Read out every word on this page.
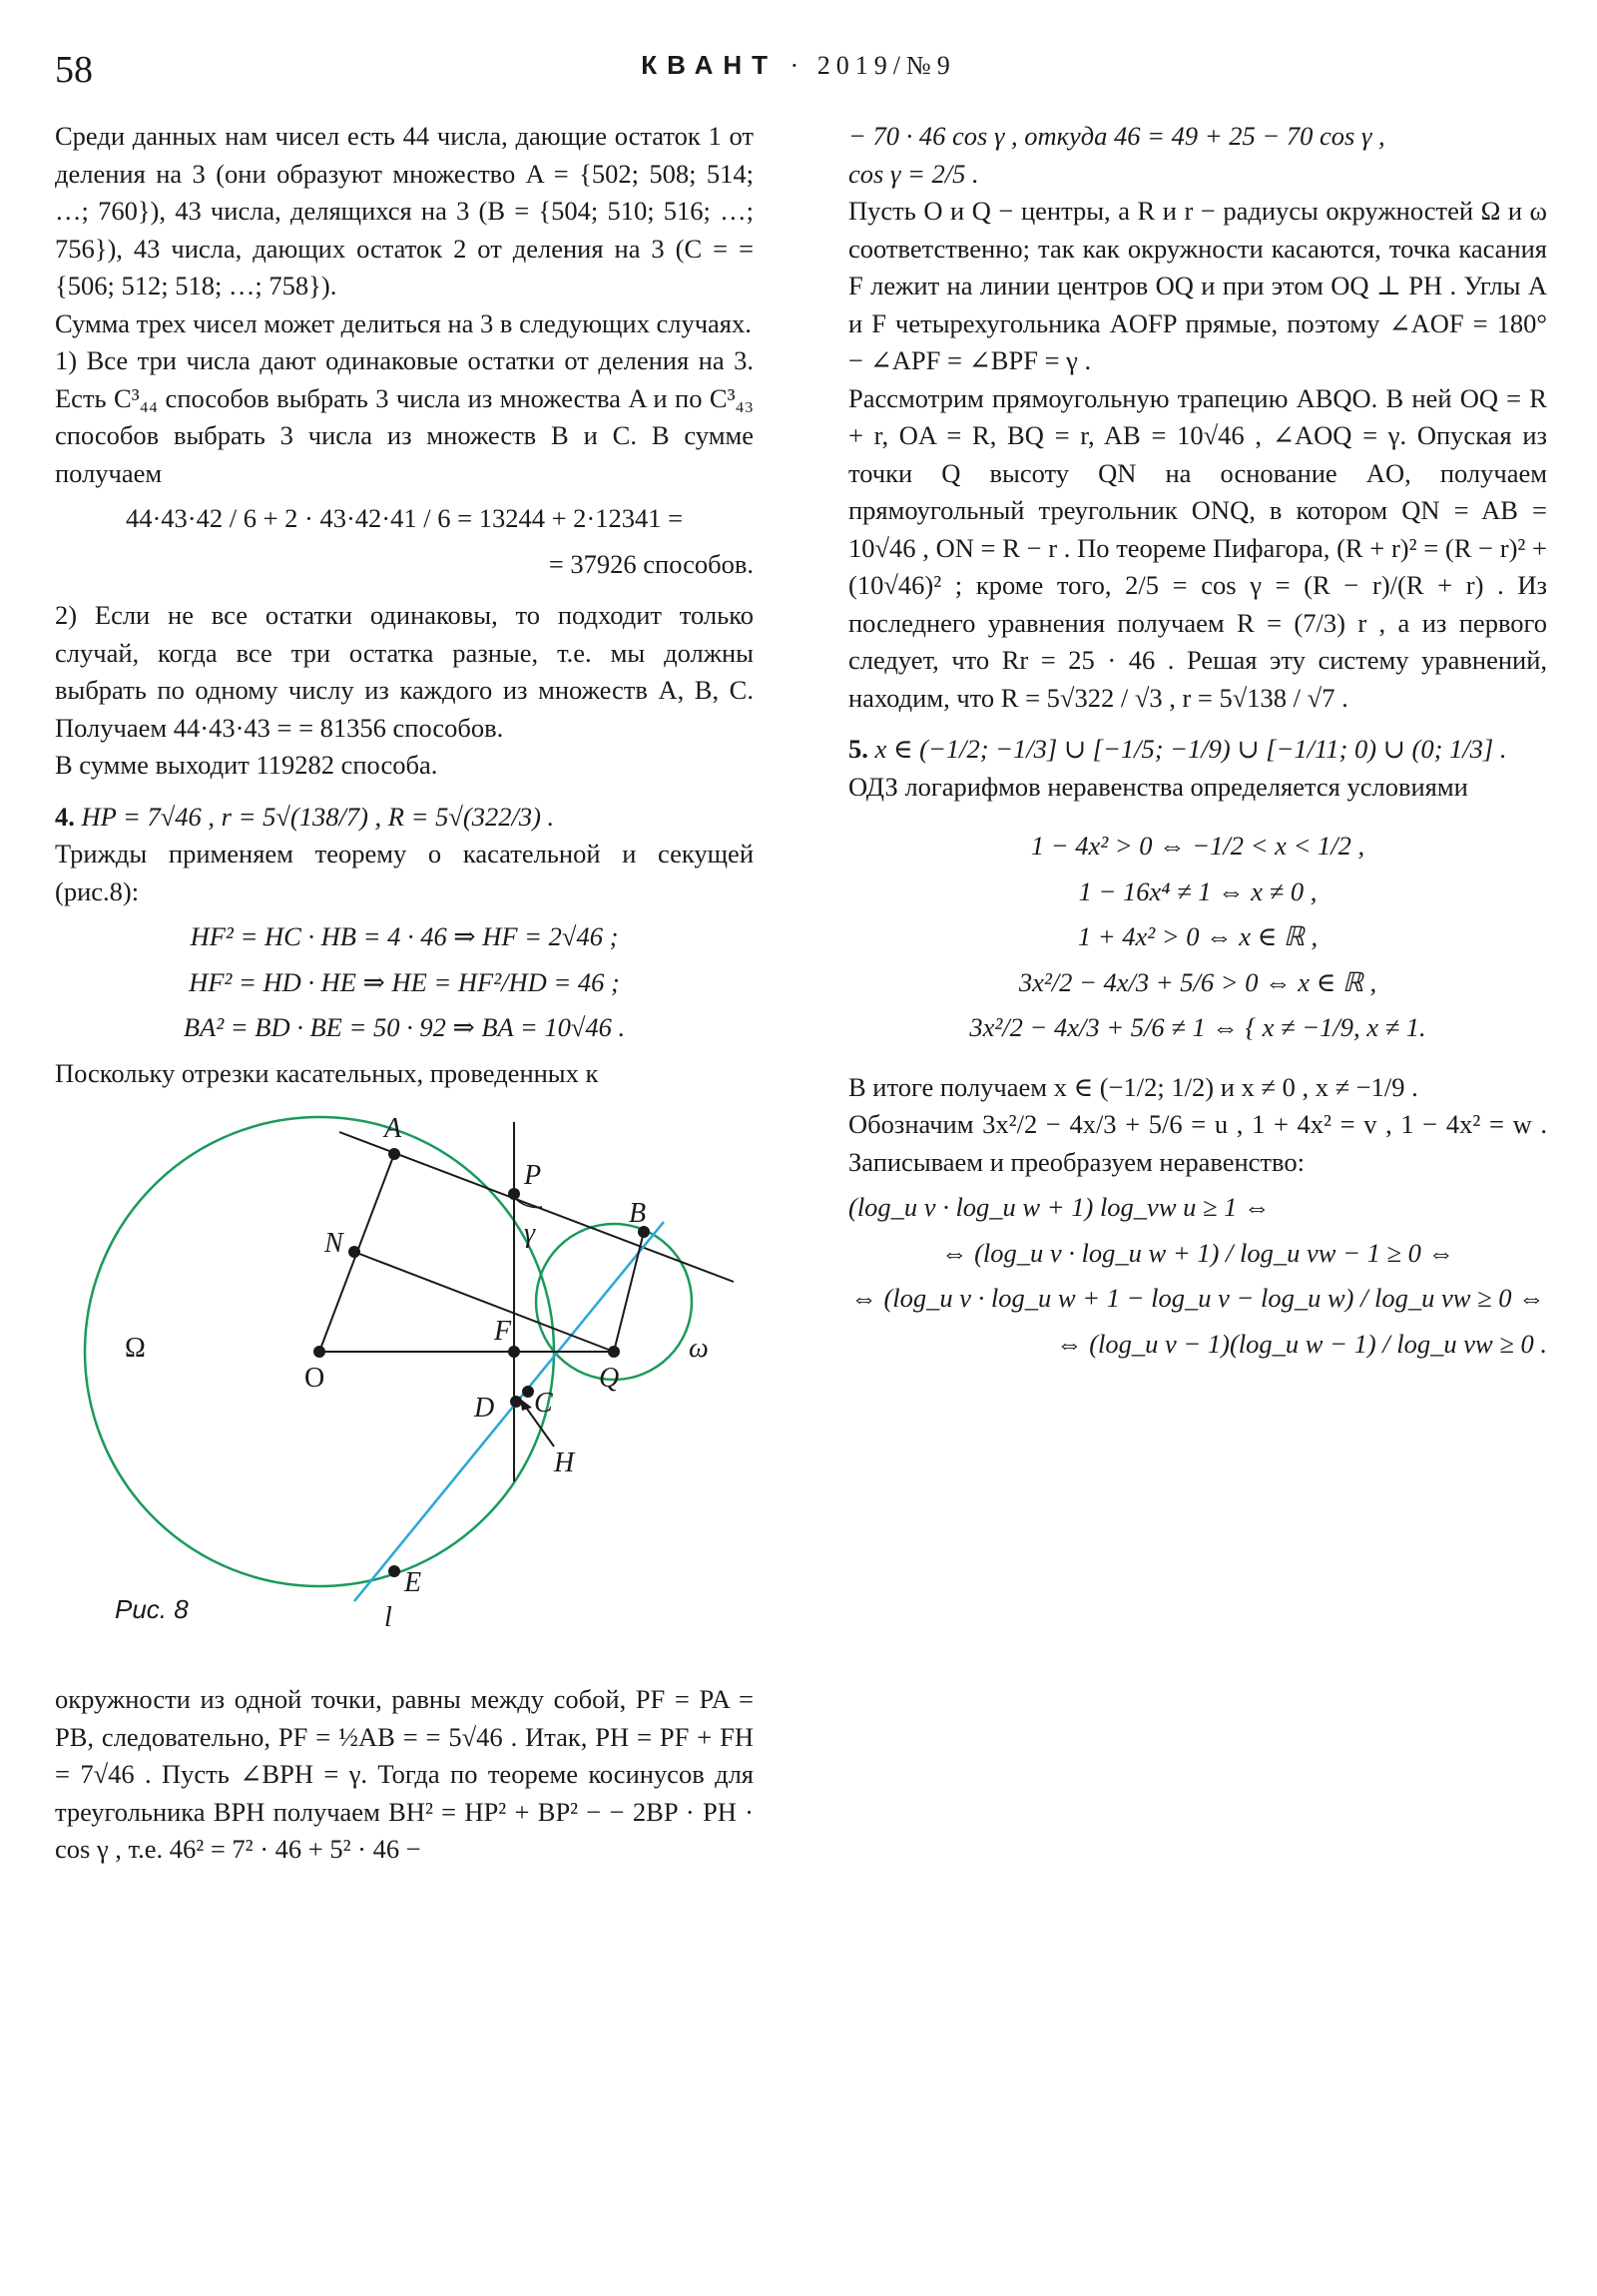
58	КВАНТ · 2019/№9

Среди данных нам чисел есть 44 числа, дающие остаток 1 от деления на 3 (они образуют множество A = {502; 508; 514; …; 760}), 43 числа, делящихся на 3 (B = {504; 510; 516; …; 756}), 43 числа, дающих остаток 2 от деления на 3 (C = = {506; 512; 518; …; 758}).

Сумма трех чисел может делиться на 3 в следующих случаях.

1) Все три числа дают одинаковые остатки от деления на 3. Есть C³₄₄ способов выбрать 3 числа из множества A и по C³₄₃ способов выбрать 3 числа из множеств B и C. В сумме получаем

44·43·42 / 6 + 2 · 43·42·41 / 6 = 13244 + 2·12341 =

= 37926 способов.

2) Если не все остатки одинаковы, то подходит только случай, когда все три остатка разные, т.е. мы должны выбрать по одному числу из каждого из множеств A, B, C. Получаем 44·43·43 = = 81356 способов.

В сумме выходит 119282 способа.

4. HP = 7√46 , r = 5√(138/7) , R = 5√(322/3) .

Трижды применяем теорему о касательной и секущей (рис.8):

HF² = HC · HB = 4 · 46 ⇒ HF = 2√46 ;

HF² = HD · HE ⇒ HE = HF²/HD = 46 ;

BA² = BD · BE = 50 · 92 ⇒ BA = 10√46 .

Поскольку отрезки касательных, проведенных к

A
P
N
B
γ
Ω
F
ω
O	Q
D C
H
E
l
Рис. 8

окружности из одной точки, равны между собой, PF = PA = PB, следовательно, PF = ½AB = = 5√46 . Итак, PH = PF + FH = 7√46 . Пусть ∠BPH = γ. Тогда по теореме косинусов для треугольника BPH получаем BH² = HP² + BP² − − 2BP · PH · cos γ , т.е. 46² = 7² · 46 + 5² · 46 −

− 70 · 46 cos γ , откуда 46 = 49 + 25 − 70 cos γ ,

cos γ = 2/5 .

Пусть O и Q − центры, а R и r − радиусы окружностей Ω и ω соответственно; так как окружности касаются, точка касания F лежит на линии центров OQ и при этом OQ ⊥ PH . Углы A и F четырехугольника AOFP прямые, поэтому ∠AOF = 180° − ∠APF = ∠BPF = γ .

Рассмотрим прямоугольную трапецию ABQO. В ней OQ = R + r, OA = R, BQ = r, AB = 10√46 , ∠AOQ = γ. Опуская из точки Q высоту QN на основание AO, получаем прямоугольный треугольник ONQ, в котором QN = AB = 10√46 , ON = R − r . По теореме Пифагора, (R + r)² = (R − r)² + (10√46)² ; кроме того, 2/5 = cos γ = (R − r)/(R + r) . Из последнего уравнения получаем R = (7/3) r , а из первого следует, что Rr = 25 · 46 . Решая эту систему уравнений, находим, что R = 5√322 / √3 , r = 5√138 / √7 .

5. x ∈ (−1/2; −1/3] ∪ [−1/5; −1/9) ∪ [−1/11; 0) ∪ (0; 1/3] .

ОДЗ логарифмов неравенства определяется условиями

1 − 4x² > 0 ⇔ −1/2 < x < 1/2 ,

1 − 16x⁴ ≠ 1 ⇔ x ≠ 0 ,

1 + 4x² > 0 ⇔ x ∈ ℝ ,

3x²/2 − 4x/3 + 5/6 > 0 ⇔ x ∈ ℝ ,

3x²/2 − 4x/3 + 5/6 ≠ 1 ⇔ { x ≠ −1/9, x ≠ 1.

В итоге получаем x ∈ (−1/2; 1/2) и x ≠ 0 , x ≠ −1/9 .

Обозначим 3x²/2 − 4x/3 + 5/6 = u , 1 + 4x² = v , 1 − 4x² = w . Записываем и преобразуем неравенство:

(log_u v · log_u w + 1) log_vw u ≥ 1 ⇔

⇔ (log_u v · log_u w + 1) / log_u vw − 1 ≥ 0 ⇔

⇔ (log_u v · log_u w + 1 − log_u v − log_u w) / log_u vw ≥ 0 ⇔

⇔ (log_u v − 1)(log_u w − 1) / log_u vw ≥ 0 .
